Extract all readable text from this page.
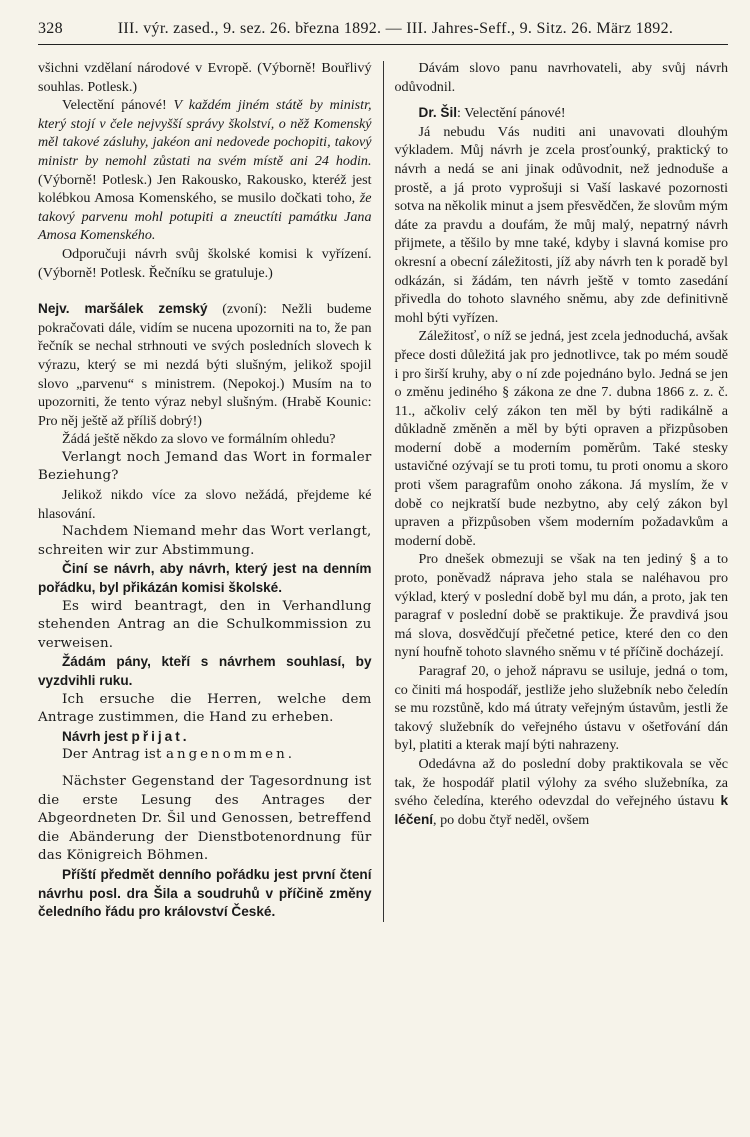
328	III. výr. zased., 9. sez. 26. března 1892. — III. Jahres-Seff., 9. Sitz. 26. März 1892.

všichni vzdělaní národové v Evropě. (Výborně! Bouřlivý souhlas. Potlesk.)

Velectění pánové! V každém jiném státě by ministr, který stojí v čele nejvyšší správy školství, o něž Komenský měl takové zásluhy, jakéon ani nedovede pochopiti, takový ministr by nemohl zůstati na svém místě ani 24 hodin. (Výborně! Potlesk.) Jen Rakousko, Rakousko, kteréž jest kolébkou Amosa Komenského, se musilo dočkati toho, že takový parvenu mohl potupiti a zneuctíti památku Jana Amosa Komenského.

Odporučuji návrh svůj školské komisi k vyřízení. (Výborně! Potlesk. Řečníku se gratuluje.)

Nejv. maršálek zemský (zvoní): Nežli budeme pokračovati dále, vidím se nucena upozorniti na to, že pan řečník se nechal strhnouti ve svých posledních slovech k výrazu, který se mi nezdá býti slušným, jelikož spojil slovo „parvenu“ s ministrem. (Nepokoj.) Musím na to upozorniti, že tento výraz nebyl slušným. (Hrabě Kounic: Pro něj ještě až příliš dobrý!)

Žádá ještě někdo za slovo ve formálním ohledu?

Verlangt noch Jemand das Wort in formaler Beziehung?

Jelikož nikdo více za slovo nežádá, přejdeme ké hlasování.

Nachdem Niemand mehr das Wort verlangt, schreiten wir zur Abstimmung.

Činí se návrh, aby návrh, který jest na denním pořádku, byl přikázán komisi školské.

Es wird beantragt, den in Verhandlung stehenden Antrag an die Schulkommission zu verweisen.

Žádám pány, kteří s návrhem souhlasí, by vyzdvihli ruku.

Ich ersuche die Herren, welche dem Antrage zustimmen, die Hand zu erheben.

Návrh jest přijat.

Der Antrag ist angenommen.

Nächster Gegenstand der Tagesordnung ist die erste Lesung des Antrages der Abgeordneten Dr. Šil und Genossen, betreffend die Abänderung der Dienstbotenordnung für das Königreich Böhmen.

Příští předmět denního pořádku jest první čtení návrhu posl. dra Šila a soudruhů v příčině změny čeledního řádu pro království České.

Dávám slovo panu navrhovateli, aby svůj návrh odůvodnil.

Dr. Šil: Velectění pánové!

Já nebudu Vás nuditi ani unavovati dlouhým výkladem. Můj návrh je zcela prosťounký, praktický to návrh a nedá se ani jinak odůvodnit, než jednoduše a prostě, a já proto vyprošuji si Vaší laskavé pozornosti sotva na několik minut a jsem přesvědčen, že slovům mým dáte za pravdu a doufám, že můj malý, nepatrný návrh přijmete, a těšilo by mne také, kdyby i slavná komise pro okresní a obecní záležitosti, jíž aby návrh ten k poradě byl odkázán, si žádám, ten návrh ještě v tomto zasedání přivedla do tohoto slavného sněmu, aby zde definitivně mohl býti vyřízen.

Záležitosť, o níž se jedná, jest zcela jednoduchá, avšak přece dosti důležitá jak pro jednotlivce, tak po mém soudě i pro širší kruhy, aby o ní zde pojednáno bylo. Jedná se jen o změnu jediného § zákona ze dne 7. dubna 1866 z. z. č. 11., ačkoliv celý zákon ten měl by býti radikálně a důkladně změněn a měl by býti opraven a přizpůsoben moderní době a moderním poměrům. Také stesky ustavičné ozývají se tu proti tomu, tu proti onomu a skoro proti všem paragrafům onoho zákona. Já myslím, že v době co nejkratší bude nezbytno, aby celý zákon byl upraven a přizpůsoben všem moderním požadavkům a moderní době.

Pro dnešek obmezuji se však na ten jediný § a to proto, poněvadž náprava jeho stala se naléhavou pro výklad, který v poslední době byl mu dán, a proto, jak ten paragraf v poslední době se praktikuje. Že pravdivá jsou má slova, dosvědčují přečetné petice, které den co den nyní houfně tohoto slavného sněmu v té příčině docházejí.

Paragraf 20, o jehož nápravu se usiluje, jedná o tom, co činiti má hospodář, jestliže jeho služebník nebo čeledín se mu rozstůně, kdo má útraty veřejným ústavům, jestli že takový služebník do veřejného ústavu v ošetřování dán byl, platiti a kterak mají býti nahrazeny.

Odedávna až do poslední doby praktikovala se věc tak, že hospodář platil výlohy za svého služebníka, za svého čeledína, kterého odevzdal do veřejného ústavu k léčení, po dobu čtyř neděl, ovšem
